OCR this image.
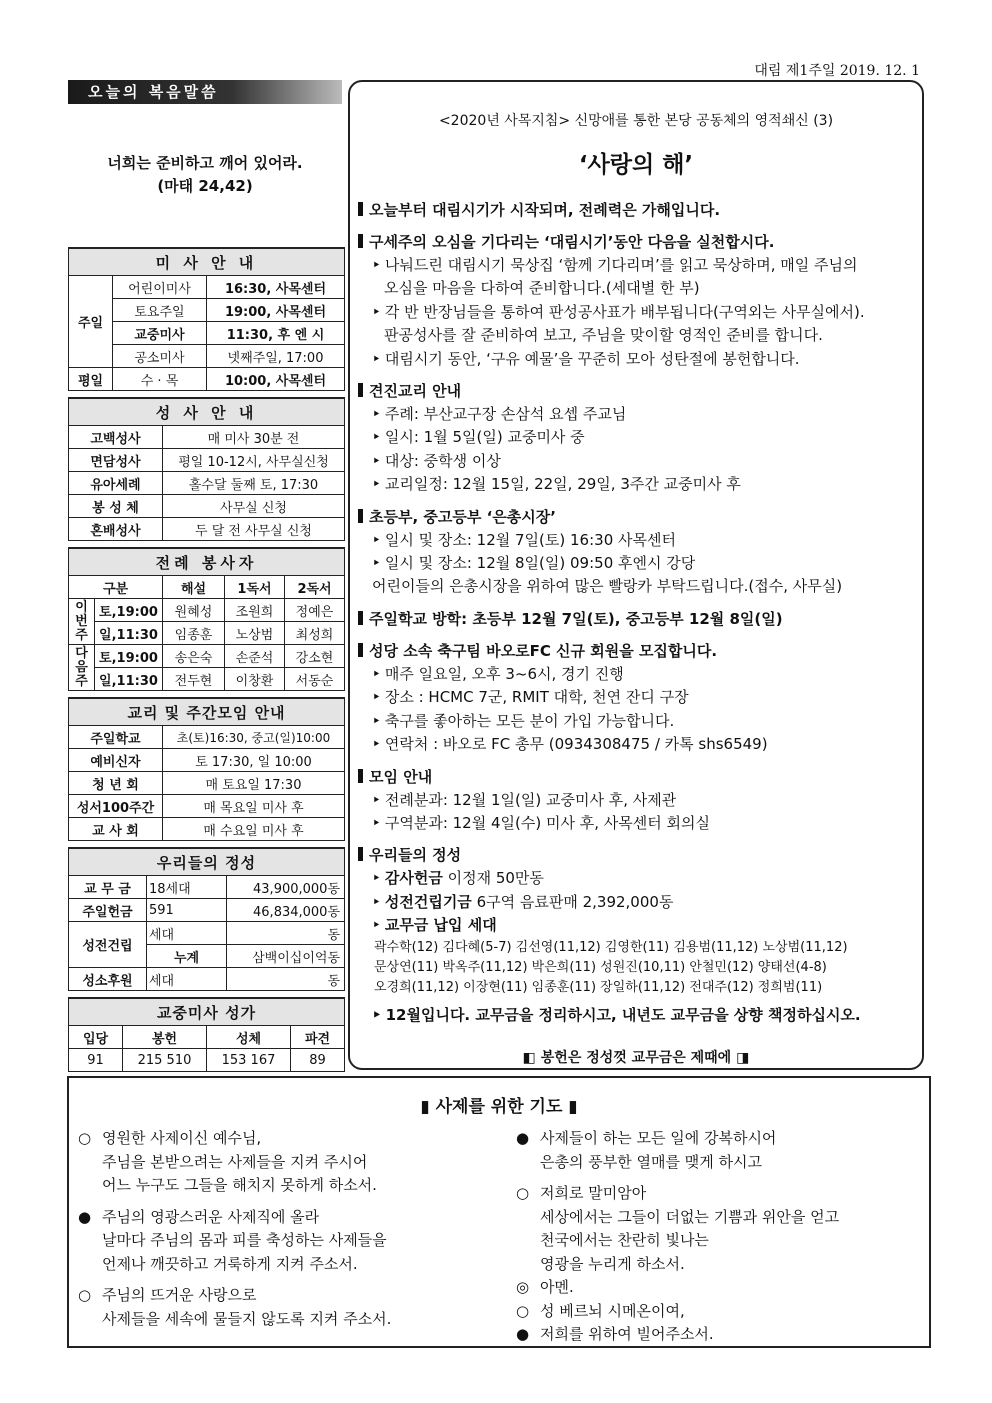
대림 제1주일 2019. 12. 1
오늘의 복음말씀
너희는 준비하고 깨어 있어라.
(마태 24,42)
미 사 안 내		
주일	어린이미사	16:30, 사목센터
	토요주일	19:00, 사목센터
	교중미사	11:30, 후 엔 시
	공소미사	넷째주일, 17:00
평일	수 · 목	10:00, 사목센터
성 사 안 내	
고백성사	매 미사 30분 전
면담성사	평일 10-12시, 사무실신청
유아세례	홀수달 둘째 토, 17:30
봉 성 체	사무실 신청
혼배성사	두 달 전 사무실 신청
전례 봉사자				
구분		해설	1독서	2독서
이번주	토,19:00	원혜성	조원희	정예은
	일,11:30	임종훈	노상범	최성희
다음주	토,19:00	송은숙	손준석	강소현
	일,11:30	전두현	이창환	서동순
교리 및 주간모임 안내	
주일학교	초(토)16:30, 중고(일)10:00
예비신자	토 17:30, 일 10:00
청 년 회	매 토요일 17:30
성서100주간	매 목요일 미사 후
교 사 회	매 수요일 미사 후
우리들의 정성		
교 무 금	18세대	43,900,000동
주일헌금	591	46,834,000동
성전건립	세대	동
	누계	삼백이십이억동
성소후원	세대	동
교중미사 성가			
입당	봉헌	성체	파견
91	215 510	153 167	89
<2020년 사목지침> 신망애를 통한 본당 공동체의 영적쇄신 (3)
‘사랑의 해’
오늘부터 대림시기가 시작되며, 전례력은 가해입니다.
구세주의 오심을 기다리는 ‘대림시기’동안 다음을 실천합시다.
‣ 나눠드린 대림시기 묵상집 ‘함께 기다리며’를 읽고 묵상하며, 매일 주님의
오심을 마음을 다하여 준비합니다.(세대별 한 부)
‣ 각 반 반장님들을 통하여 판성공사표가 배부됩니다(구역외는 사무실에서).
판공성사를 잘 준비하여 보고, 주님을 맞이할 영적인 준비를 합니다.
‣ 대림시기 동안, ‘구유 예물’을 꾸준히 모아 성탄절에 봉헌합니다.
견진교리 안내
‣ 주례: 부산교구장 손삼석 요셉 주교님
‣ 일시: 1월 5일(일) 교중미사 중
‣ 대상: 중학생 이상
‣ 교리일정: 12월 15일, 22일, 29일, 3주간 교중미사 후
초등부, 중고등부 ‘은총시장’
‣ 일시 및 장소: 12월 7일(토) 16:30 사목센터
‣ 일시 및 장소: 12월 8일(일) 09:50 후엔시 강당
어린이들의 은총시장을 위하여 많은 빨랑카 부탁드립니다.(접수, 사무실)
주일학교 방학: 초등부 12월 7일(토), 중고등부 12월 8일(일)
성당 소속 축구팀 바오로FC 신규 회원을 모집합니다.
‣ 매주 일요일, 오후 3~6시, 경기 진행
‣ 장소 : HCMC 7군, RMIT 대학, 천연 잔디 구장
‣ 축구를 좋아하는 모든 분이 가입 가능합니다.
‣ 연락처 : 바오로 FC 총무 (0934308475 / 카톡 shs6549)
모임 안내
‣ 전례분과: 12월 1일(일) 교중미사 후, 사제관
‣ 구역분과: 12월 4일(수) 미사 후, 사목센터 회의실
우리들의 정성
‣ 감사헌금 이정재 50만동
‣ 성전건립기금 6구역 음료판매 2,392,000동
‣ 교무금 납입 세대
곽수학(12) 김다혜(5-7) 김선영(11,12) 김영한(11) 김용범(11,12) 노상범(11,12)
문상연(11) 박옥주(11,12) 박은희(11) 성원진(10,11) 안철민(12) 양태선(4-8)
오경희(11,12) 이장현(11) 임종훈(11) 장일하(11,12) 전대주(12) 정희범(11)
‣ 12월입니다. 교무금을 정리하시고, 내년도 교무금을 상향 책정하십시오.
◧ 봉헌은 정성껏 교무금은 제때에 ◨
▮ 사제를 위한 기도 ▮
○ 영원한 사제이신 예수님,
주님을 본받으려는 사제들을 지켜 주시어
어느 누구도 그들을 해치지 못하게 하소서.
● 주님의 영광스러운 사제직에 올라
날마다 주님의 몸과 피를 축성하는 사제들을
언제나 깨끗하고 거룩하게 지켜 주소서.
○ 주님의 뜨거운 사랑으로
사제들을 세속에 물들지 않도록 지켜 주소서.
● 사제들이 하는 모든 일에 강복하시어
은총의 풍부한 열매를 맺게 하시고
○ 저희로 말미암아
세상에서는 그들이 더없는 기쁨과 위안을 얻고
천국에서는 찬란히 빛나는
영광을 누리게 하소서.
◎ 아멘.
○ 성 베르뇌 시메온이여,
● 저희를 위하여 빌어주소서.
